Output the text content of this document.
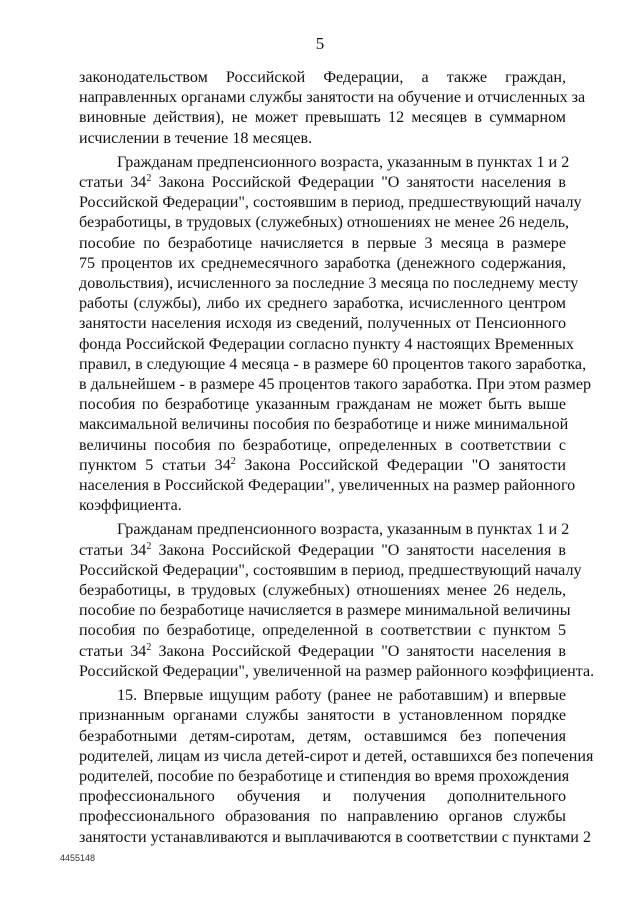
5

законодательством Российской Федерации, а также граждан,
направленных органами службы занятости на обучение и отчисленных за
виновные действия), не может превышать 12 месяцев в суммарном
исчислении в течение 18 месяцев.

Гражданам предпенсионного возраста, указанным в пунктах 1 и 2
статьи $34^2$ Закона Российской Федерации "О занятости населения в
Российской Федерации", состоявшим в период, предшествующий началу
безработицы, в трудовых (служебных) отношениях не менее 26 недель,
пособие по безработице начисляется в первые 3 месяца в размере
75 процентов их среднемесячного заработка (денежного содержания,
довольствия), исчисленного за последние 3 месяца по последнему месту
работы (службы), либо их среднего заработка, исчисленного центром
занятости населения исходя из сведений, полученных от Пенсионного
фонда Российской Федерации согласно пункту 4 настоящих Временных
правил, в следующие 4 месяца - в размере 60 процентов такого заработка,
в дальнейшем - в размере 45 процентов такого заработка. При этом размер
пособия по безработице указанным гражданам не может быть выше
максимальной величины пособия по безработице и ниже минимальной
величины пособия по безработице, определенных в соответствии с
пунктом 5 статьи $34^2$ Закона Российской Федерации "О занятости
населения в Российской Федерации", увеличенных на размер районного
коэффициента.

Гражданам предпенсионного возраста, указанным в пунктах 1 и 2
статьи $34^2$ Закона Российской Федерации "О занятости населения в
Российской Федерации", состоявшим в период, предшествующий началу
безработицы, в трудовых (служебных) отношениях менее 26 недель,
пособие по безработице начисляется в размере минимальной величины
пособия по безработице, определенной в соответствии с пунктом 5
статьи $34^2$ Закона Российской Федерации "О занятости населения в
Российской Федерации", увеличенной на размер районного коэффициента.

15. Впервые ищущим работу (ранее не работавшим) и впервые
признанным органами службы занятости в установленном порядке
безработными детям-сиротам, детям, оставшимся без попечения
родителей, лицам из числа детей-сирот и детей, оставшихся без попечения
родителей, пособие по безработице и стипендия во время прохождения
профессионального обучения и получения дополнительного
профессионального образования по направлению органов службы
занятости устанавливаются и выплачиваются в соответствии с пунктами 2

4455148
